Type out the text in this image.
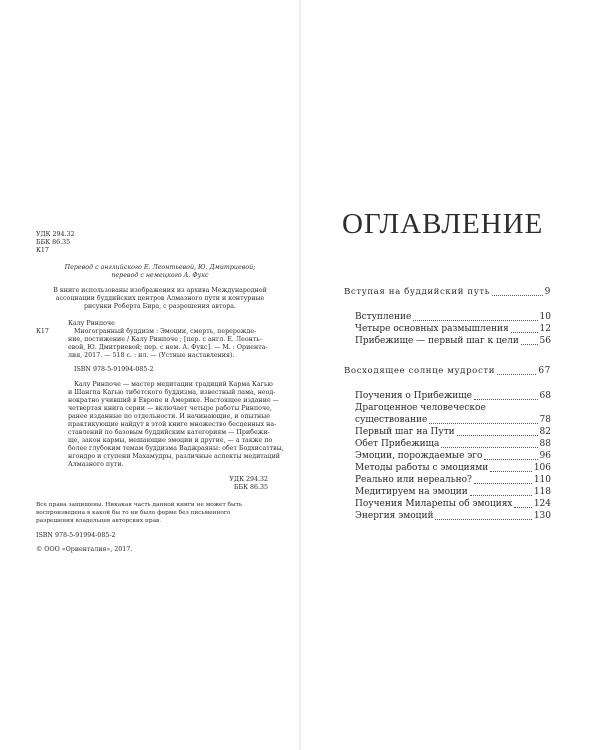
УДК 294.32
ББК 86.35
К17
Перевод с английского Е. Леонтьевой, Ю. Дмитриевой;
перевод с немецкого А. Фукс
В книге использованы изображения из архива Международной
ассоциации буддийских центров Алмазного пути и контурные
рисунки Роберта Бира, с разрешения автора.
Калу Ринпоче
К17	Многогранный буддизм : Эмоции, смерть, перерожде-
ние, постижение / Калу Ринпоче ; [пер. с англ. Е. Леонть-
евой, Ю. Дмитриевой; пер. с нем. А. Фукс]. — М. : Ориента-
лия, 2017. — 518 с. : ил. — (Устные наставления).
ISBN 978-5-91994-085-2
Калу Ринпоче — мастер медитации традиций Карма Кагью
и Шангпа Кагью тибетского буддизма, известный лама, неод-
нократно учивший в Европе и Америке. Настоящее издание —
четвертая книга серии — включает четыре работы Ринпоче,
ранее изданные по отдельности. И начинающие, и опытные
практикующие найдут в этой книге множество бесценных на-
ставлений по базовым буддийским категориям — Прибежи-
ще, закон кармы, мешающие эмоции и другие, — а также по
более глубоким темам буддизма Ваджраяны: обет Бодхисаттвы,
нгондро и ступени Махамудры, различные аспекты медитаций
Алмазного пути.
УДК 294.32
ББК 86.35
Все права защищены. Никакая часть данной книги не может быть
воспроизведена в какой бы то ни было форме без письменного
разрешения владельцев авторских прав.
ISBN 978-5-91994-085-2
© ООО «Ориенталия», 2017.
ОГЛАВЛЕНИЕ
Вступая на буддийский путь	9
Вступление	10
Четыре основных размышления	12
Прибежище — первый шаг к цели 56
Восходящее солнце мудрости	67
Поучения о Прибежище	68
Драгоценное человеческое
существование	78
Первый шаг на Пути	82
Обет Прибежища	88
Эмоции, порождаемые эго	96
Методы работы с эмоциями	106
Реально или нереально?	110
Медитируем на эмоции	118
Поучения Миларепы об эмоциях 124
Энергия эмоций	130
